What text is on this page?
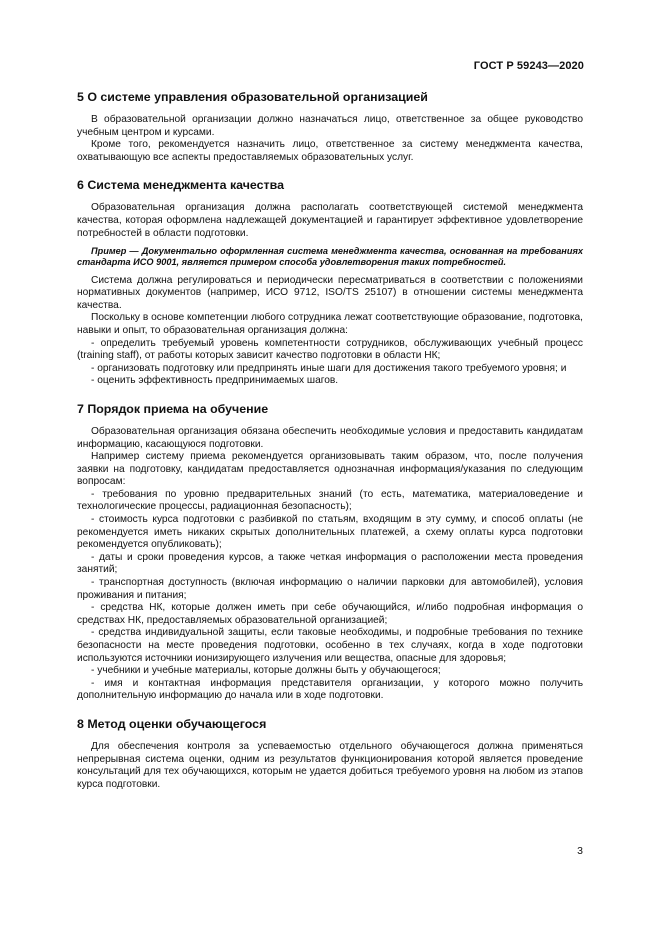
ГОСТ Р 59243—2020
5 О системе управления образовательной организацией

В образовательной организации должно назначаться лицо, ответственное за общее руководство учебным центром и курсами.

Кроме того, рекомендуется назначить лицо, ответственное за систему менеджмента качества, охватывающую все аспекты предоставляемых образовательных услуг.

6 Система менеджмента качества

Образовательная организация должна располагать соответствующей системой менеджмента качества, которая оформлена надлежащей документацией и гарантирует эффективное удовлетворение потребностей в области подготовки.

Пример — Документально оформленная система менеджмента качества, основанная на требованиях стандарта ИСО 9001, является примером способа удовлетворения таких потребностей.

Система должна регулироваться и периодически пересматриваться в соответствии с положениями нормативных документов (например, ИСО 9712, ISO/TS 25107) в отношении системы менеджмента качества.

Поскольку в основе компетенции любого сотрудника лежат соответствующие образование, подготовка, навыки и опыт, то образовательная организация должна:

- определить требуемый уровень компетентности сотрудников, обслуживающих учебный процесс (training staff), от работы которых зависит качество подготовки в области НК;

- организовать подготовку или предпринять иные шаги для достижения такого требуемого уровня; и

- оценить эффективность предпринимаемых шагов.

7 Порядок приема на обучение

Образовательная организация обязана обеспечить необходимые условия и предоставить кандидатам информацию, касающуюся подготовки.

Например систему приема рекомендуется организовывать таким образом, что, после получения заявки на подготовку, кандидатам предоставляется однозначная информация/указания по следующим вопросам:

- требования по уровню предварительных знаний (то есть, математика, материаловедение и технологические процессы, радиационная безопасность);

- стоимость курса подготовки с разбивкой по статьям, входящим в эту сумму, и способ оплаты (не рекомендуется иметь никаких скрытых дополнительных платежей, а схему оплаты курса подготовки рекомендуется опубликовать);

- даты и сроки проведения курсов, а также четкая информация о расположении места проведения занятий;

- транспортная доступность (включая информацию о наличии парковки для автомобилей), условия проживания и питания;

- средства НК, которые должен иметь при себе обучающийся, и/либо подробная информация о средствах НК, предоставляемых образовательной организацией;

- средства индивидуальной защиты, если таковые необходимы, и подробные требования по технике безопасности на месте проведения подготовки, особенно в тех случаях, когда в ходе подготовки используются источники ионизирующего излучения или вещества, опасные для здоровья;

- учебники и учебные материалы, которые должны быть у обучающегося;

- имя и контактная информация представителя организации, у которого можно получить дополнительную информацию до начала или в ходе подготовки.

8 Метод оценки обучающегося

Для обеспечения контроля за успеваемостью отдельного обучающегося должна применяться непрерывная система оценки, одним из результатов функционирования которой является проведение консультаций для тех обучающихся, которым не удается добиться требуемого уровня на любом из этапов курса подготовки.

3
